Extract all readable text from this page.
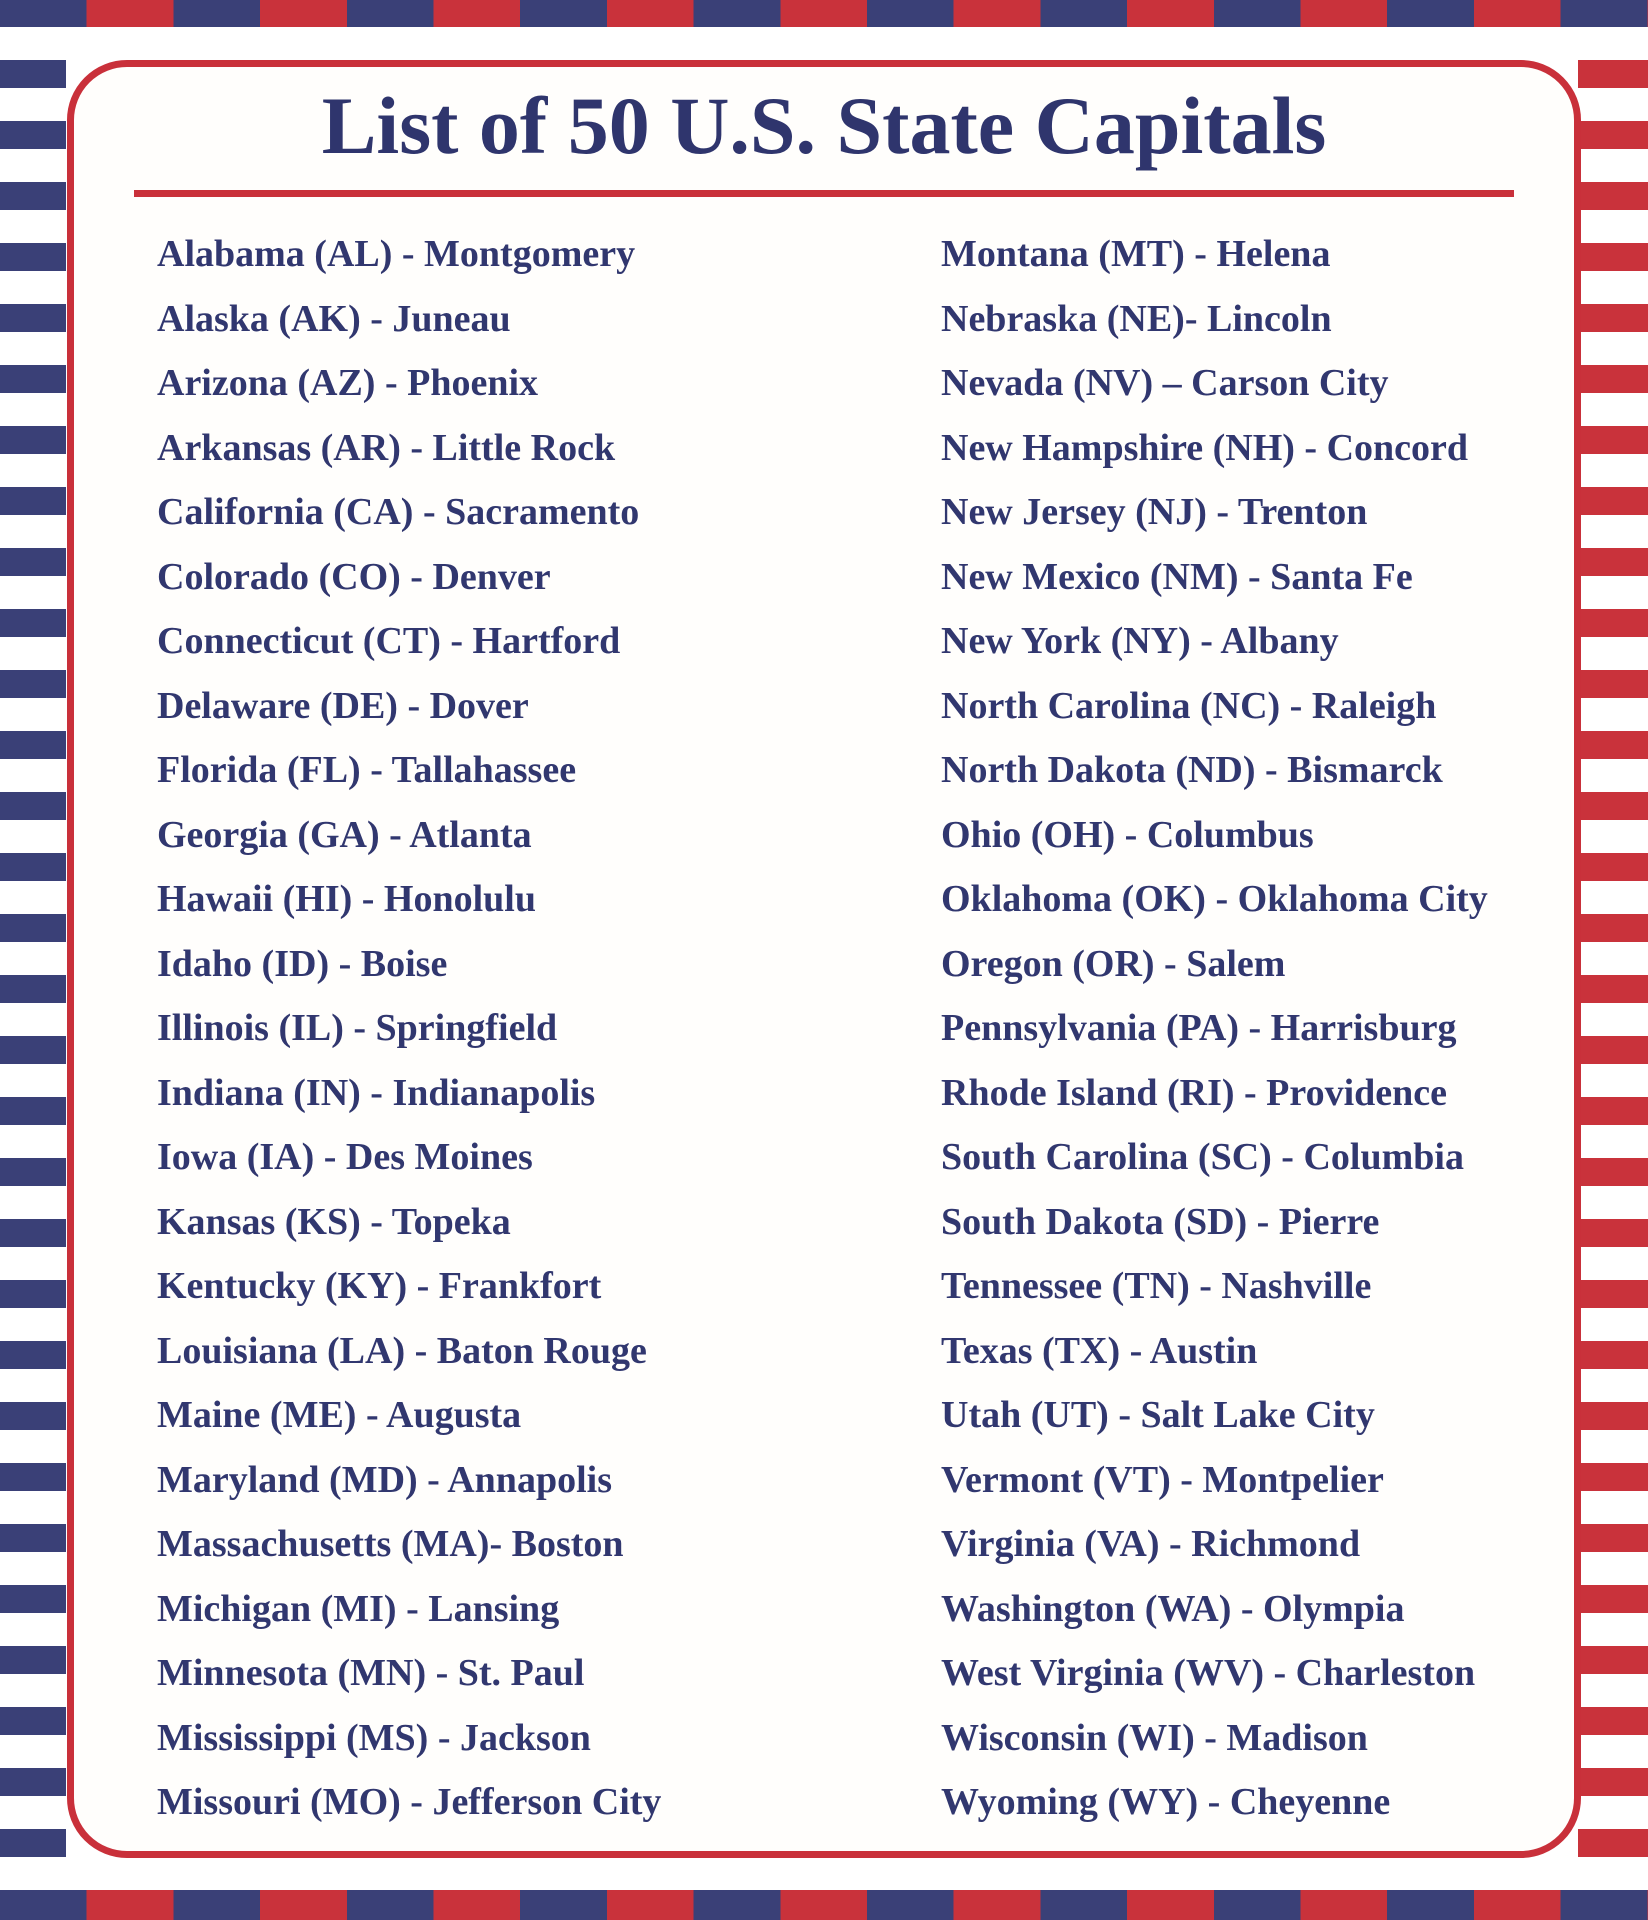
List of 50 U.S. State Capitals
Alabama (AL) - Montgomery
Alaska (AK) - Juneau
Arizona (AZ) - Phoenix
Arkansas (AR) - Little Rock
California (CA) - Sacramento
Colorado (CO) - Denver
Connecticut (CT) - Hartford
Delaware (DE) - Dover
Florida (FL) - Tallahassee
Georgia (GA) - Atlanta
Hawaii (HI) - Honolulu
Idaho (ID) - Boise
Illinois (IL) - Springfield
Indiana (IN) - Indianapolis
Iowa (IA) - Des Moines
Kansas (KS) - Topeka
Kentucky (KY) - Frankfort
Louisiana (LA) - Baton Rouge
Maine (ME) - Augusta
Maryland (MD) - Annapolis
Massachusetts (MA)- Boston
Michigan (MI) - Lansing
Minnesota (MN) - St. Paul
Mississippi (MS) - Jackson
Missouri (MO) - Jefferson City
Montana (MT) - Helena
Nebraska (NE)- Lincoln
Nevada (NV) – Carson City
New Hampshire (NH) - Concord
New Jersey (NJ) - Trenton
New Mexico (NM) - Santa Fe
New York (NY) - Albany
North Carolina (NC) - Raleigh
North Dakota (ND) - Bismarck
Ohio (OH) - Columbus
Oklahoma (OK) - Oklahoma City
Oregon (OR) - Salem
Pennsylvania (PA) - Harrisburg
Rhode Island (RI) - Providence
South Carolina (SC) - Columbia
South Dakota (SD) - Pierre
Tennessee (TN) - Nashville
Texas (TX) - Austin
Utah (UT) - Salt Lake City
Vermont (VT) - Montpelier
Virginia (VA) - Richmond
Washington (WA) - Olympia
West Virginia (WV) - Charleston
Wisconsin (WI) - Madison
Wyoming (WY) - Cheyenne
